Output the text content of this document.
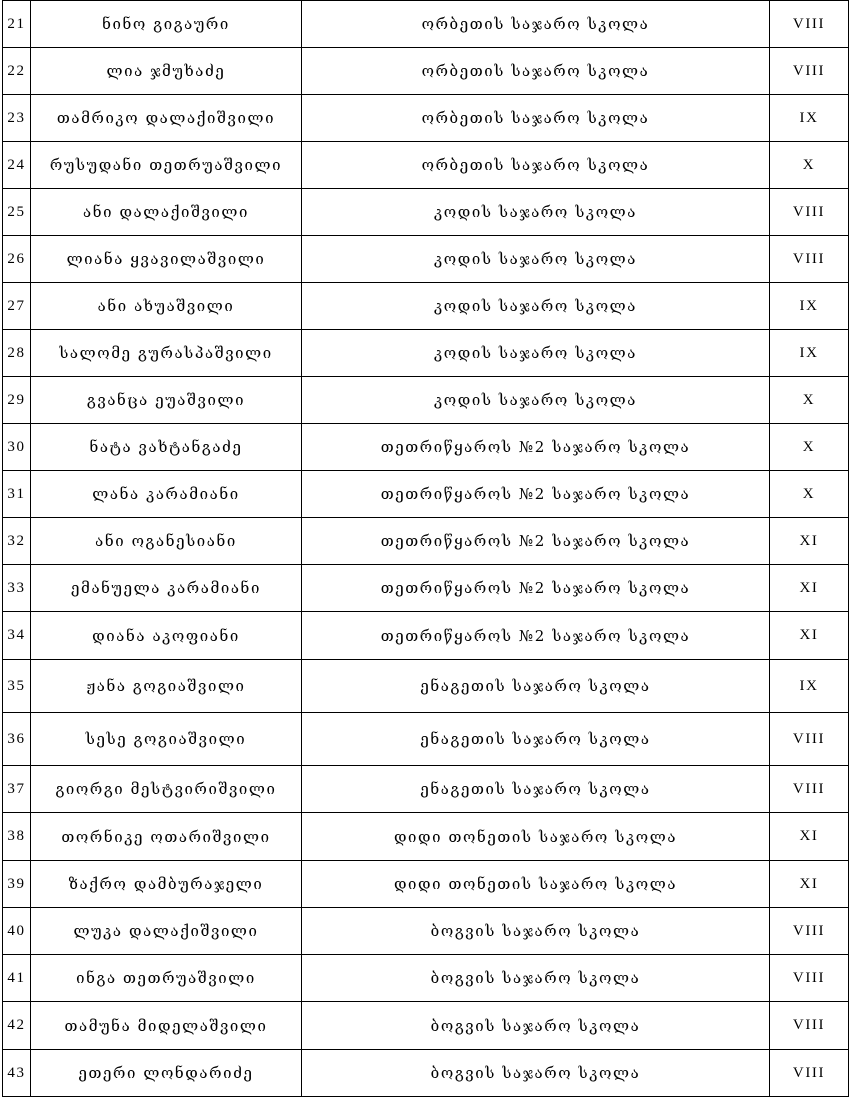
21	ნინო გიგაური	ორბეთის საჯარო სკოლა	VIII
22	ლია ჯმუხაძე	ორბეთის საჯარო სკოლა	VIII
23	თამრიკო დალაქიშვილი	ორბეთის საჯარო სკოლა	IX
24	რუსუდანი თეთრუაშვილი	ორბეთის საჯარო სკოლა	X
25	ანი დალაქიშვილი	კოდის საჯარო სკოლა	VIII
26	ლიანა ყვავილაშვილი	კოდის საჯარო სკოლა	VIII
27	ანი ახუაშვილი	კოდის საჯარო სკოლა	IX
28	სალომე გურასპაშვილი	კოდის საჯარო სკოლა	IX
29	გვანცა ეუაშვილი	კოდის საჯარო სკოლა	X
30	ნატა ვახტანგაძე	თეთრიწყაროს №2 საჯარო სკოლა	X
31	ლანა კარამიანი	თეთრიწყაროს №2 საჯარო სკოლა	X
32	ანი ოგანესიანი	თეთრიწყაროს №2 საჯარო სკოლა	XI
33	ემანუელა კარამიანი	თეთრიწყაროს №2 საჯარო სკოლა	XI
34	დიანა აკოფიანი	თეთრიწყაროს №2 საჯარო სკოლა	XI
35	ჟანა გოგიაშვილი	ენაგეთის საჯარო სკოლა	IX
36	სესე გოგიაშვილი	ენაგეთის საჯარო სკოლა	VIII
37	გიორგი მესტვირიშვილი	ენაგეთის საჯარო სკოლა	VIII
38	თორნიკე ოთარიშვილი	დიდი თონეთის საჯარო სკოლა	XI
39	ზაქრო დამბურაჯელი	დიდი თონეთის საჯარო სკოლა	XI
40	ლუკა დალაქიშვილი	ბოგვის საჯარო სკოლა	VIII
41	ინგა თეთრუაშვილი	ბოგვის საჯარო სკოლა	VIII
42	თამუნა მიდელაშვილი	ბოგვის საჯარო სკოლა	VIII
43	ეთერი ლონდარიძე	ბოგვის საჯარო სკოლა	VIII
